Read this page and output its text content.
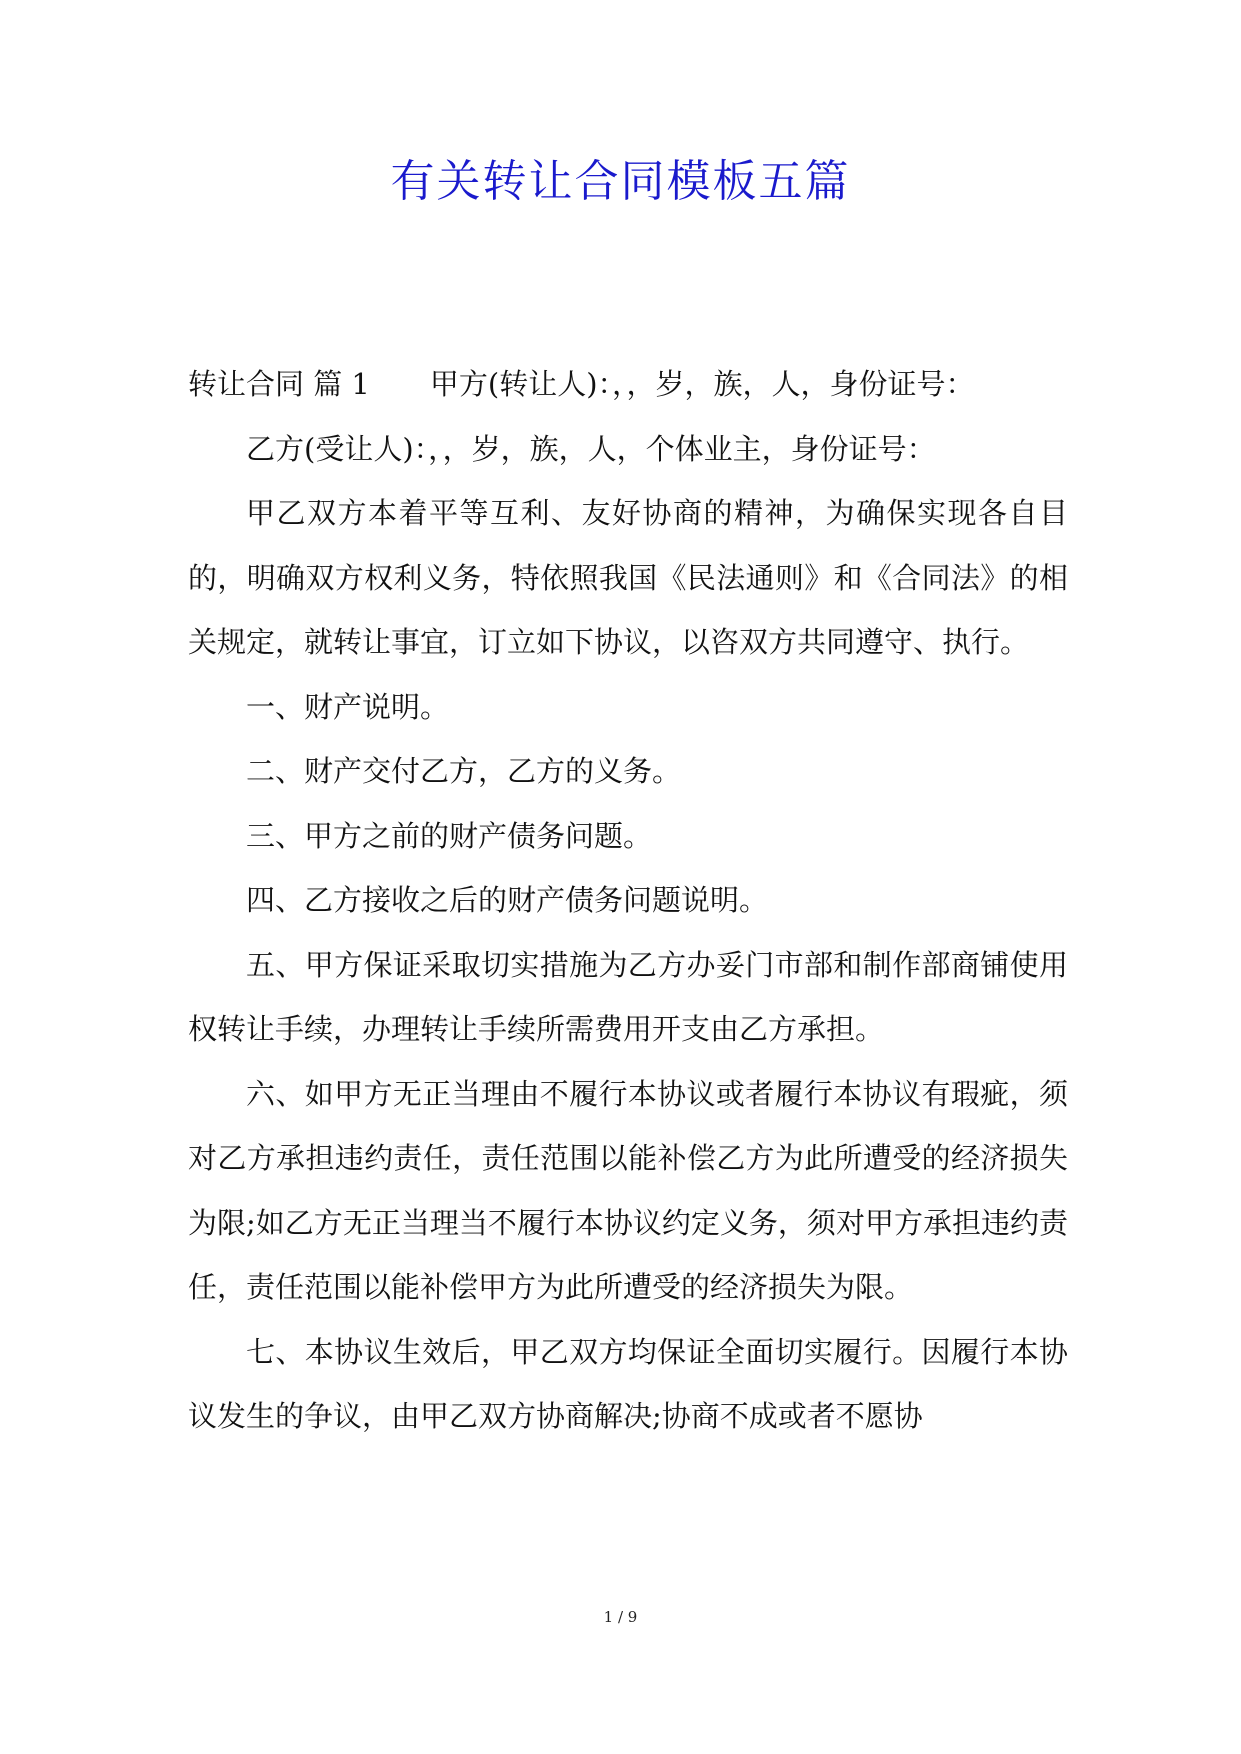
有关转让合同模板五篇

转让合同 篇 1 甲方(转让人)：，，岁，族，人，身份证号：

乙方(受让人)：，，岁，族，人，个体业主，身份证号：

甲乙双方本着平等互利、友好协商的精神，为确保实现各自目的，明确双方权利义务，特依照我国《民法通则》和《合同法》的相关规定，就转让事宜，订立如下协议，以咨双方共同遵守、执行。

一、财产说明。

二、财产交付乙方，乙方的义务。

三、甲方之前的财产债务问题。

四、乙方接收之后的财产债务问题说明。

五、甲方保证采取切实措施为乙方办妥门市部和制作部商铺使用权转让手续，办理转让手续所需费用开支由乙方承担。

六、如甲方无正当理由不履行本协议或者履行本协议有瑕疵，须对乙方承担违约责任，责任范围以能补偿乙方为此所遭受的经济损失为限;如乙方无正当理当不履行本协议约定义务，须对甲方承担违约责任，责任范围以能补偿甲方为此所遭受的经济损失为限。

七、本协议生效后，甲乙双方均保证全面切实履行。因履行本协议发生的争议，由甲乙双方协商解决;协商不成或者不愿协

1 / 9
